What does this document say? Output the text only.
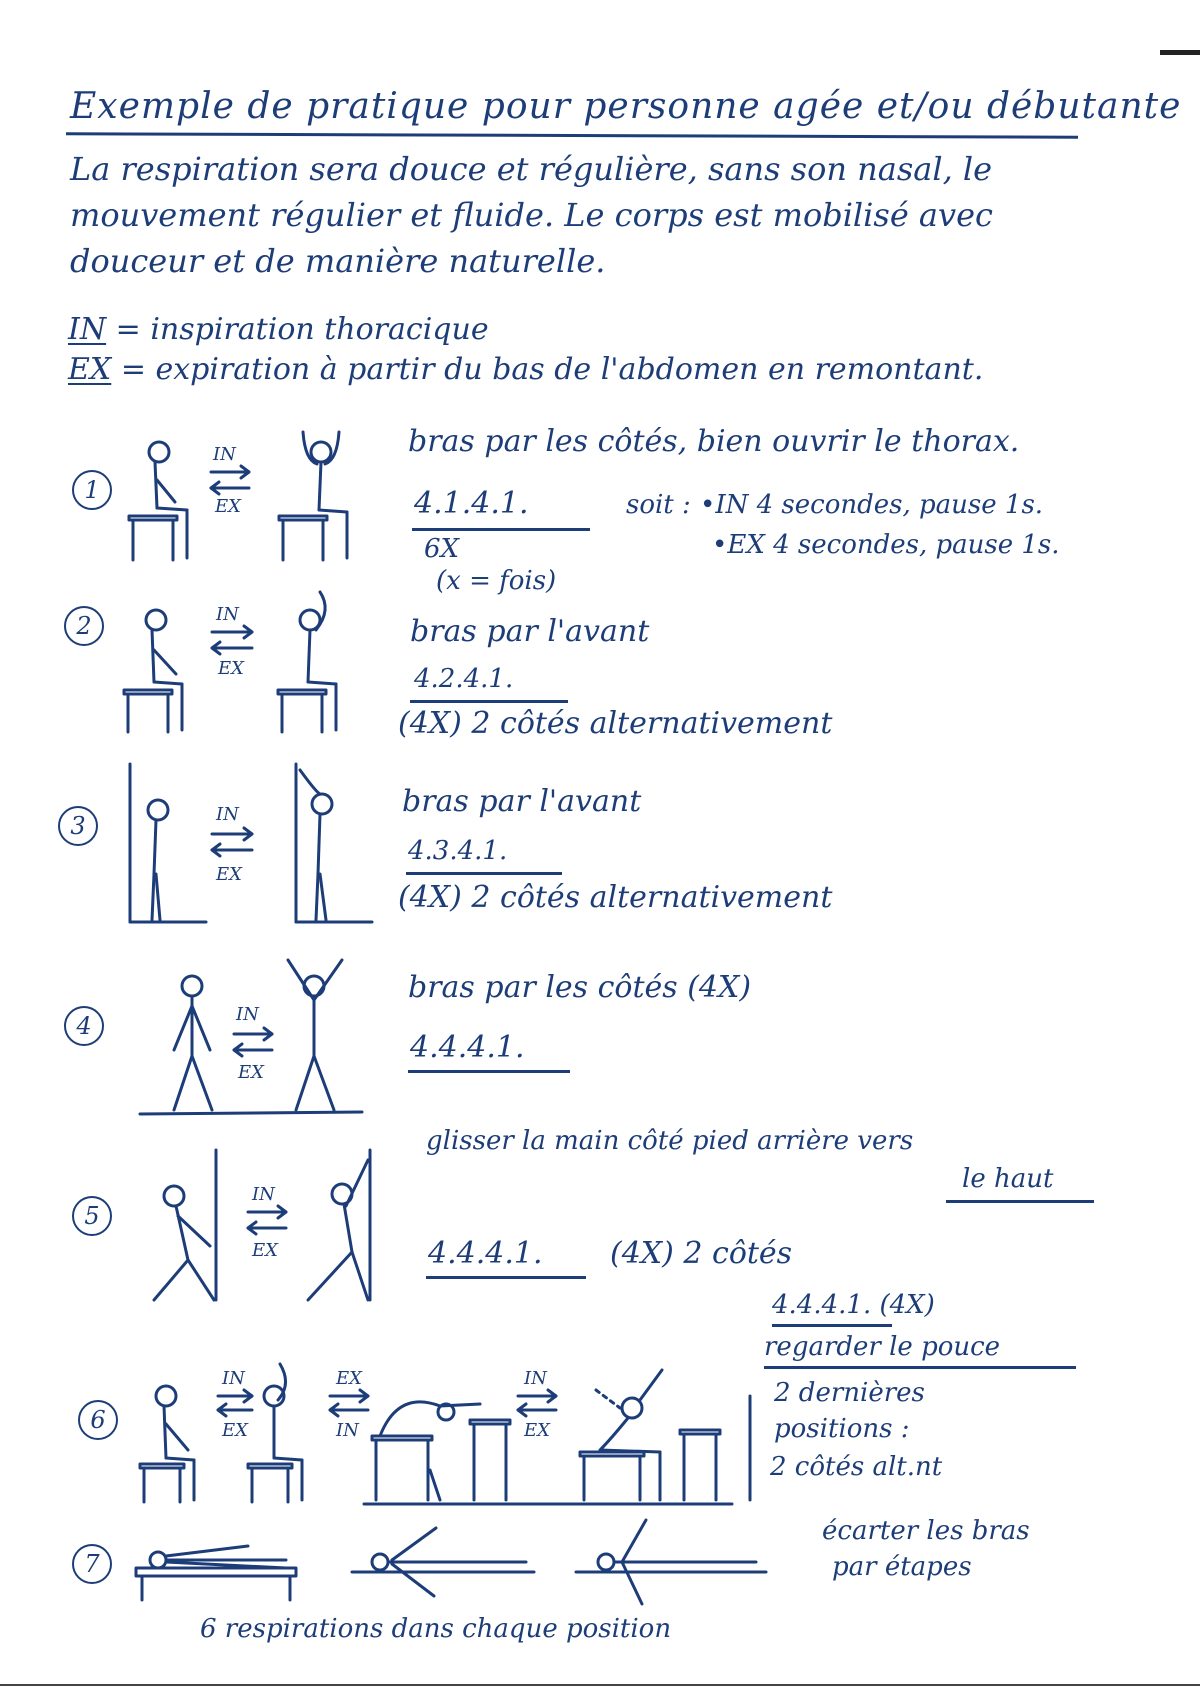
Exemple de pratique pour personne agée et/ou débutante
La respiration sera douce et régulière, sans son nasal, le
mouvement régulier et fluide. Le corps est mobilisé avec
douceur et de manière naturelle.
IN = inspiration thoracique
EX = expiration à partir du bas de l'abdomen en remontant.
1
IN
EX
bras par les côtés, bien ouvrir le thorax.
4.1.4.1.
6X
(x = fois)
soit : •IN 4 secondes, pause 1s.
•EX 4 secondes, pause 1s.
2	IN
EX
bras par l'avant
4.2.4.1.
(4X) 2 côtés alternativement
3	IN
EX
bras par l'avant
4.3.4.1.
(4X) 2 côtés alternativement
4	IN
EX
bras par les côtés (4X)
4.4.4.1.
5
IN
EX
glisser la main côté pied arrière vers
le haut
4.4.4.1. (4X) 2 côtés
6
4.4.4.1. (4X)
regarder le pouce
IN
EX
EX
IN
IN
EX
2 dernières
positions :
2 côtés alt.nt
7
écarter les bras
par étapes
6 respirations dans chaque position
